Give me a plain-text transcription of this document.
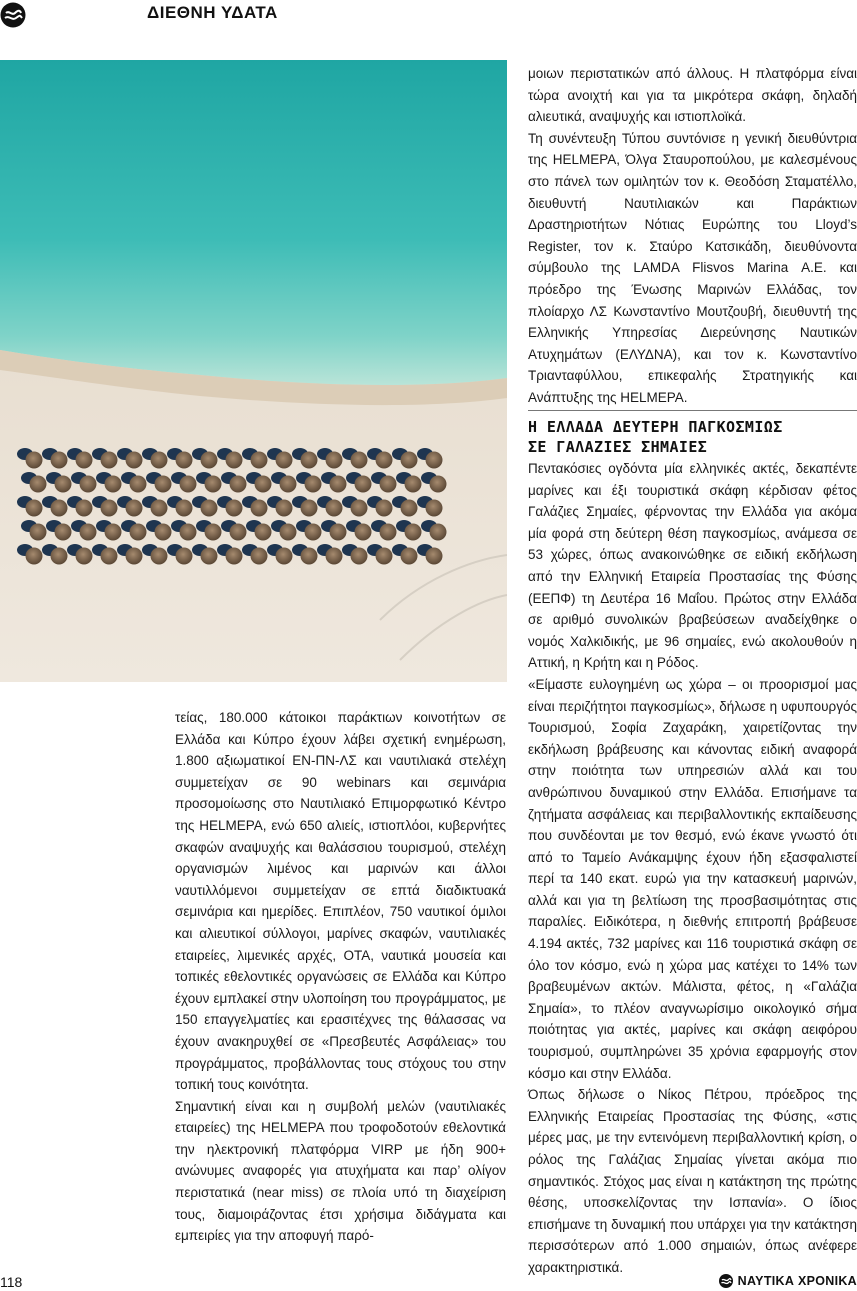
ΔΙΕΘΝΗ ΥΔΑΤΑ

τείας, 180.000 κάτοικοι παράκτιων κοινοτήτων σε Ελλάδα και Κύπρο έχουν λάβει σχετική ενημέρωση, 1.800 αξιωματικοί ΕΝ-ΠΝ-ΛΣ και ναυτιλιακά στελέχη συμμετείχαν σε 90 webinars και σεμινάρια προσομοίωσης στο Ναυτιλιακό Επιμορφωτικό Κέντρο της HELMEPA, ενώ 650 αλιείς, ιστιοπλόοι, κυβερνήτες σκαφών αναψυχής και θαλάσσιου τουρισμού, στελέχη οργανισμών λιμένος και μαρινών και άλλοι ναυτιλλόμενοι συμμετείχαν σε επτά διαδικτυακά σεμινάρια και ημερίδες. Επιπλέον, 750 ναυτικοί όμιλοι και αλιευτικοί σύλλογοι, μαρίνες σκαφών, ναυτιλιακές εταιρείες, λιμενικές αρχές, ΟΤΑ, ναυτικά μουσεία και τοπικές εθελοντικές οργανώσεις σε Ελλάδα και Κύπρο έχουν εμπλακεί στην υλοποίηση του προγράμματος, με 150 επαγγελματίες και ερασιτέχνες της θάλασσας να έχουν ανακηρυχθεί σε «Πρεσβευτές Ασφάλειας» του προγράμματος, προβάλλοντας τους στόχους του στην τοπική τους κοινότητα.

Σημαντική είναι και η συμβολή μελών (ναυτιλιακές εταιρείες) της HELMEPA που τροφοδοτούν εθελοντικά την ηλεκτρονική πλατφόρμα VIRP με ήδη 900+ ανώνυμες αναφορές για ατυχήματα και παρ’ ολίγον περιστατικά (near miss) σε πλοία υπό τη διαχείριση τους, διαμοιράζοντας έτσι χρήσιμα διδάγματα και εμπειρίες για την αποφυγή παρό-

μοιων περιστατικών από άλλους. Η πλατφόρμα είναι τώρα ανοιχτή και για τα μικρότερα σκάφη, δηλαδή αλιευτικά, αναψυχής και ιστιοπλοϊκά.

Τη συνέντευξη Τύπου συντόνισε η γενική διευθύντρια της HELMEPA, Όλγα Σταυροπούλου, με καλεσμένους στο πάνελ των ομιλητών τον κ. Θεοδόση Σταματέλλο, διευθυντή Ναυτιλιακών και Παράκτιων Δραστηριοτήτων Νότιας Ευρώπης του Lloyd’s Register, τον κ. Σταύρο Κατσικάδη, διευθύνοντα σύμβουλο της LAMDA Flisvos Marina Α.Ε. και πρόεδρο της Ένωσης Μαρινών Ελλάδας, τον πλοίαρχο ΛΣ Κωνσταντίνο Μουτζουβή, διευθυντή της Ελληνικής Υπηρεσίας Διερεύνησης Ναυτικών Ατυχημάτων (ΕΛΥΔΝΑ), και τον κ. Κωνσταντίνο Τριανταφύλλου, επικεφαλής Στρατηγικής και Ανάπτυξης της HELMEPA.

Η ΕΛΛΑΔΑ ΔΕΥΤΕΡΗ ΠΑΓΚΟΣΜΙΩΣ
ΣΕ ΓΑΛΑΖΙΕΣ ΣΗΜΑΙΕΣ

Πεντακόσιες ογδόντα μία ελληνικές ακτές, δεκαπέντε μαρίνες και έξι τουριστικά σκάφη κέρδισαν φέτος Γαλάζιες Σημαίες, φέρνοντας την Ελλάδα για ακόμα μία φορά στη δεύτερη θέση παγκοσμίως, ανάμεσα σε 53 χώρες, όπως ανακοινώθηκε σε ειδική εκδήλωση από την Ελληνική Εταιρεία Προστασίας της Φύσης (ΕΕΠΦ) τη Δευτέρα 16 Μαΐου. Πρώτος στην Ελλάδα σε αριθμό συνολικών βραβεύσεων αναδείχθηκε ο νομός Χαλκιδικής, με 96 σημαίες, ενώ ακολουθούν η Αττική, η Κρήτη και η Ρόδος.

«Είμαστε ευλογημένη ως χώρα – οι προορισμοί μας είναι περιζήτητοι παγκοσμίως», δήλωσε η υφυπουργός Τουρισμού, Σοφία Ζαχαράκη, χαιρετίζοντας την εκδήλωση βράβευσης και κάνοντας ειδική αναφορά στην ποιότητα των υπηρεσιών αλλά και του ανθρώπινου δυναμικού στην Ελλάδα. Επισήμανε τα ζητήματα ασφάλειας και περιβαλλοντικής εκπαίδευσης που συνδέονται με τον θεσμό, ενώ έκανε γνωστό ότι από το Ταμείο Ανάκαμψης έχουν ήδη εξασφαλιστεί περί τα 140 εκατ. ευρώ για την κατασκευή μαρινών, αλλά και για τη βελτίωση της προσβασιμότητας στις παραλίες. Ειδικότερα, η διεθνής επιτροπή βράβευσε 4.194 ακτές, 732 μαρίνες και 116 τουριστικά σκάφη σε όλο τον κόσμο, ενώ η χώρα μας κατέχει το 14% των βραβευμένων ακτών. Μάλιστα, φέτος, η «Γαλάζια Σημαία», το πλέον αναγνωρίσιμο οικολογικό σήμα ποιότητας για ακτές, μαρίνες και σκάφη αειφόρου τουρισμού, συμπληρώνει 35 χρόνια εφαρμογής στον κόσμο και στην Ελλάδα.

Όπως δήλωσε ο Νίκος Πέτρου, πρόεδρος της Ελληνικής Εταιρείας Προστασίας της Φύσης, «στις μέρες μας, με την εντεινόμενη περιβαλλοντική κρίση, ο ρόλος της Γαλάζιας Σημαίας γίνεται ακόμα πιο σημαντικός. Στόχος μας είναι η κατάκτηση της πρώτης θέσης, υποσκελίζοντας την Ισπανία». Ο ίδιος επισήμανε τη δυναμική που υπάρχει για την κατάκτηση περισσότερων από 1.000 σημαιών, όπως ανέφερε χαρακτηριστικά.

118	ΝΑΥΤΙΚΑ ΧΡΟΝΙΚΑ
